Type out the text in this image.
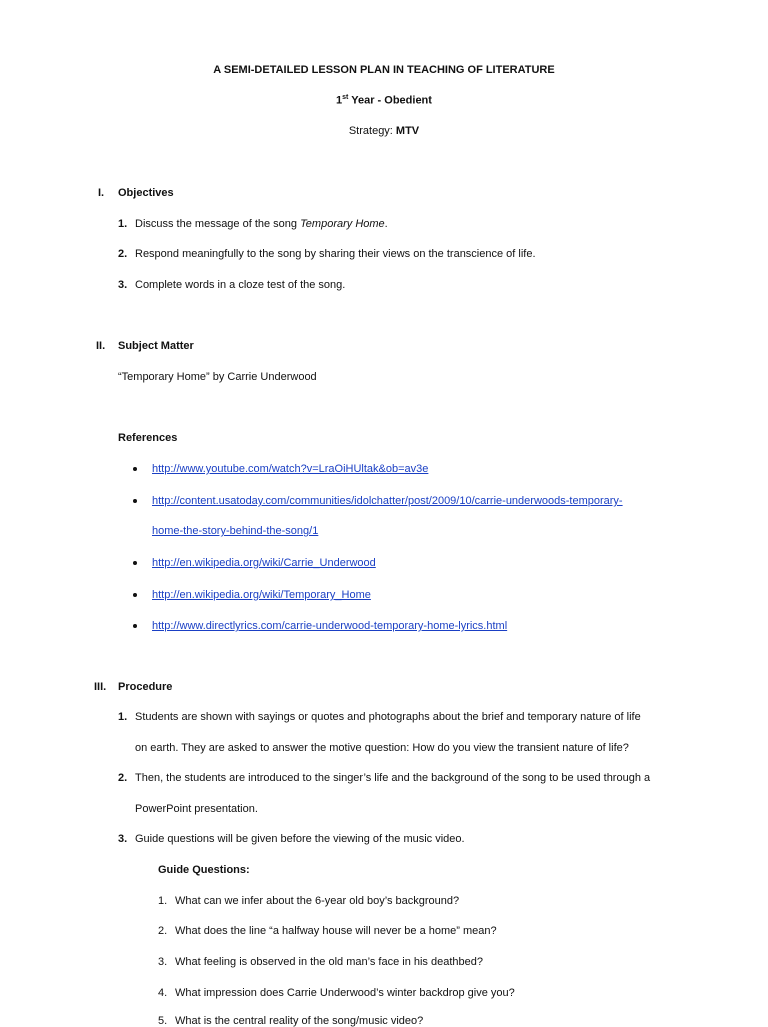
A SEMI-DETAILED LESSON PLAN IN TEACHING OF LITERATURE
1st Year - Obedient
Strategy: MTV
I. Objectives
1. Discuss the message of the song Temporary Home.
2. Respond meaningfully to the song by sharing their views on the transcience of life.
3. Complete words in a cloze test of the song.
II. Subject Matter
“Temporary Home” by Carrie Underwood
References
http://www.youtube.com/watch?v=LraOiHUltak&ob=av3e
http://content.usatoday.com/communities/idolchatter/post/2009/10/carrie-underwoods-temporary-
home-the-story-behind-the-song/1
http://en.wikipedia.org/wiki/Carrie_Underwood
http://en.wikipedia.org/wiki/Temporary_Home
http://www.directlyrics.com/carrie-underwood-temporary-home-lyrics.html
III. Procedure
1. Students are shown with sayings or quotes and photographs about the brief and temporary nature of life
on earth. They are asked to answer the motive question: How do you view the transient nature of life?
2. Then, the students are introduced to the singer’s life and the background of the song to be used through a
PowerPoint presentation.
3. Guide questions will be given before the viewing of the music video.
Guide Questions:
1. What can we infer about the 6-year old boy’s background?
2. What does the line “a halfway house will never be a home” mean?
3. What feeling is observed in the old man’s face in his deathbed?
4. What impression does Carrie Underwood’s winter backdrop give you?
5. What is the central reality of the song/music video?
